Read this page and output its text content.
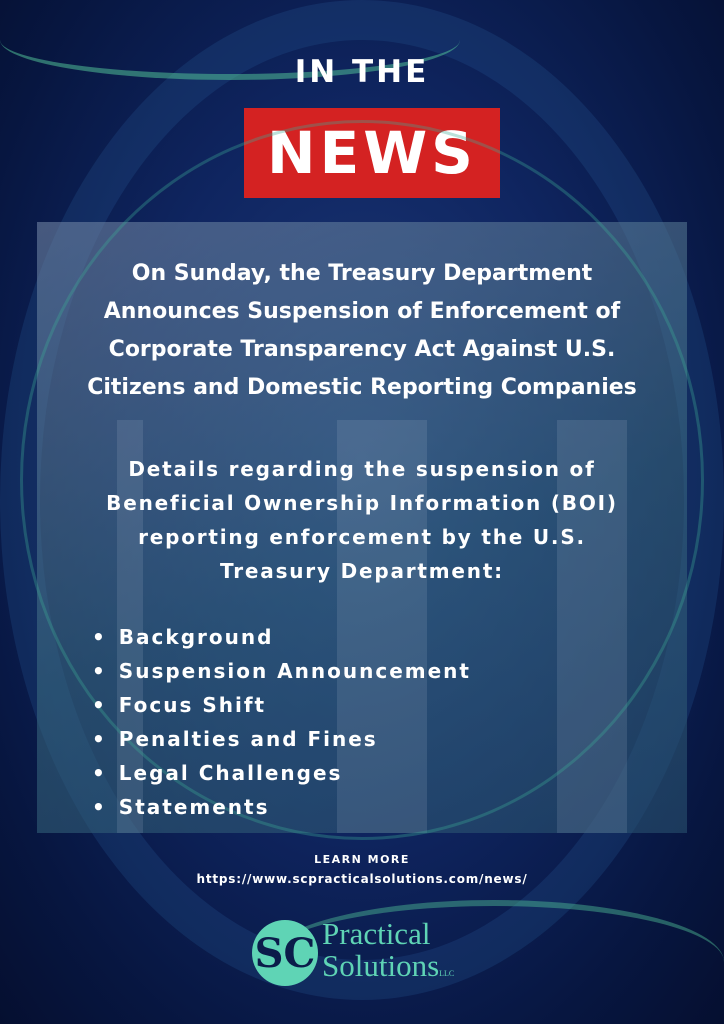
IN THE
NEWS
On Sunday, the Treasury Department
Announces Suspension of Enforcement of
Corporate Transparency Act Against U.S.
Citizens and Domestic Reporting Companies
Details regarding the suspension of
Beneficial Ownership Information (BOI)
reporting enforcement by the U.S.
Treasury Department:
• Background
• Suspension Announcement
• Focus Shift
• Penalties and Fines
• Legal Challenges
• Statements
LEARN MORE
https://www.scpracticalsolutions.com/news/
SC Practical
SolutionsLLC
